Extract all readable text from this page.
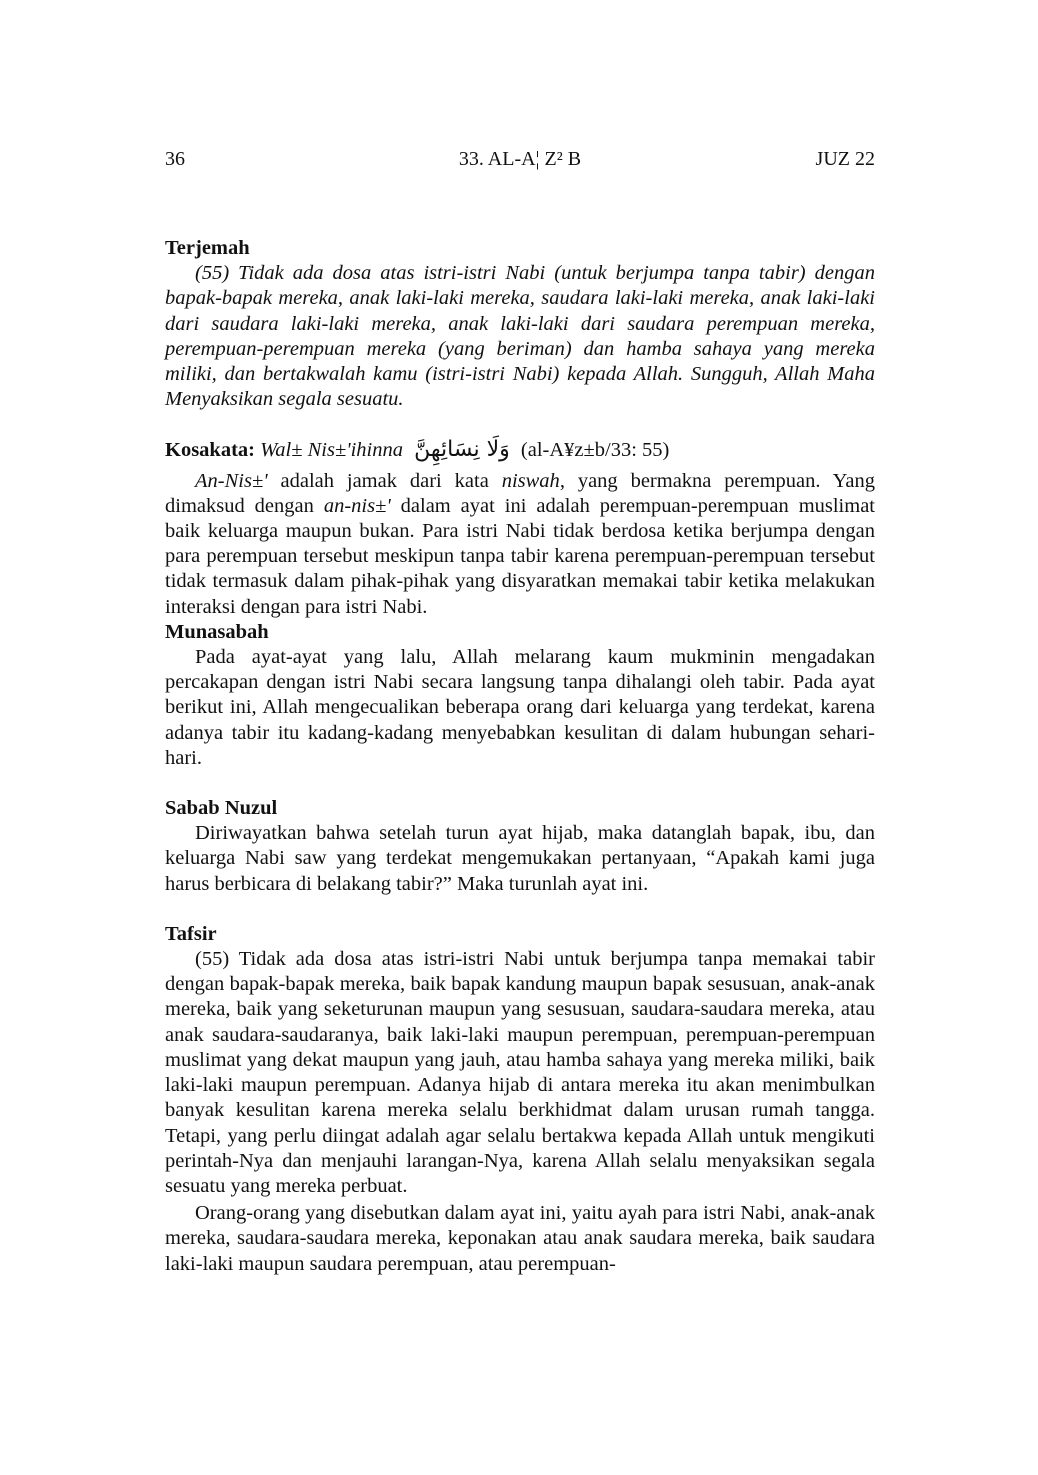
36	33. AL-A¦ Z² B	JUZ 22
Terjemah

(55) Tidak ada dosa atas istri-istri Nabi (untuk berjumpa tanpa tabir) dengan bapak-bapak mereka, anak laki-laki mereka, saudara laki-laki mereka, anak laki-laki dari saudara laki-laki mereka, anak laki-laki dari saudara perempuan mereka, perempuan-perempuan mereka (yang beriman) dan hamba sahaya yang mereka miliki, dan bertakwalah kamu (istri-istri Nabi) kepada Allah. Sungguh, Allah Maha Menyaksikan segala sesuatu.

Kosakata: Wal± Nis±'ihinna وَلَا نِسَائِهِنَّ (al-A¥z±b/33: 55)

An-Nis±' adalah jamak dari kata niswah, yang bermakna perempuan. Yang dimaksud dengan an-nis±' dalam ayat ini adalah perempuan-perempuan muslimat baik keluarga maupun bukan. Para istri Nabi tidak berdosa ketika berjumpa dengan para perempuan tersebut meskipun tanpa tabir karena perempuan-perempuan tersebut tidak termasuk dalam pihak-pihak yang disyaratkan memakai tabir ketika melakukan interaksi dengan para istri Nabi.

Munasabah

Pada ayat-ayat yang lalu, Allah melarang kaum mukminin mengadakan percakapan dengan istri Nabi secara langsung tanpa dihalangi oleh tabir. Pada ayat berikut ini, Allah mengecualikan beberapa orang dari keluarga yang terdekat, karena adanya tabir itu kadang-kadang menyebabkan kesulitan di dalam hubungan sehari-hari.

Sabab Nuzul

Diriwayatkan bahwa setelah turun ayat hijab, maka datanglah bapak, ibu, dan keluarga Nabi saw yang terdekat mengemukakan pertanyaan, “Apakah kami juga harus berbicara di belakang tabir?” Maka turunlah ayat ini.

Tafsir

(55) Tidak ada dosa atas istri-istri Nabi untuk berjumpa tanpa memakai tabir dengan bapak-bapak mereka, baik bapak kandung maupun bapak sesusuan, anak-anak mereka, baik yang seketurunan maupun yang sesusuan, saudara-saudara mereka, atau anak saudara-saudaranya, baik laki-laki maupun perempuan, perempuan-perempuan muslimat yang dekat maupun yang jauh, atau hamba sahaya yang mereka miliki, baik laki-laki maupun perempuan. Adanya hijab di antara mereka itu akan menimbulkan banyak kesulitan karena mereka selalu berkhidmat dalam urusan rumah tangga. Tetapi, yang perlu diingat adalah agar selalu bertakwa kepada Allah untuk mengikuti perintah-Nya dan menjauhi larangan-Nya, karena Allah selalu menyaksikan segala sesuatu yang mereka perbuat.

Orang-orang yang disebutkan dalam ayat ini, yaitu ayah para istri Nabi, anak-anak mereka, saudara-saudara mereka, keponakan atau anak saudara mereka, baik saudara laki-laki maupun saudara perempuan, atau perempuan-
